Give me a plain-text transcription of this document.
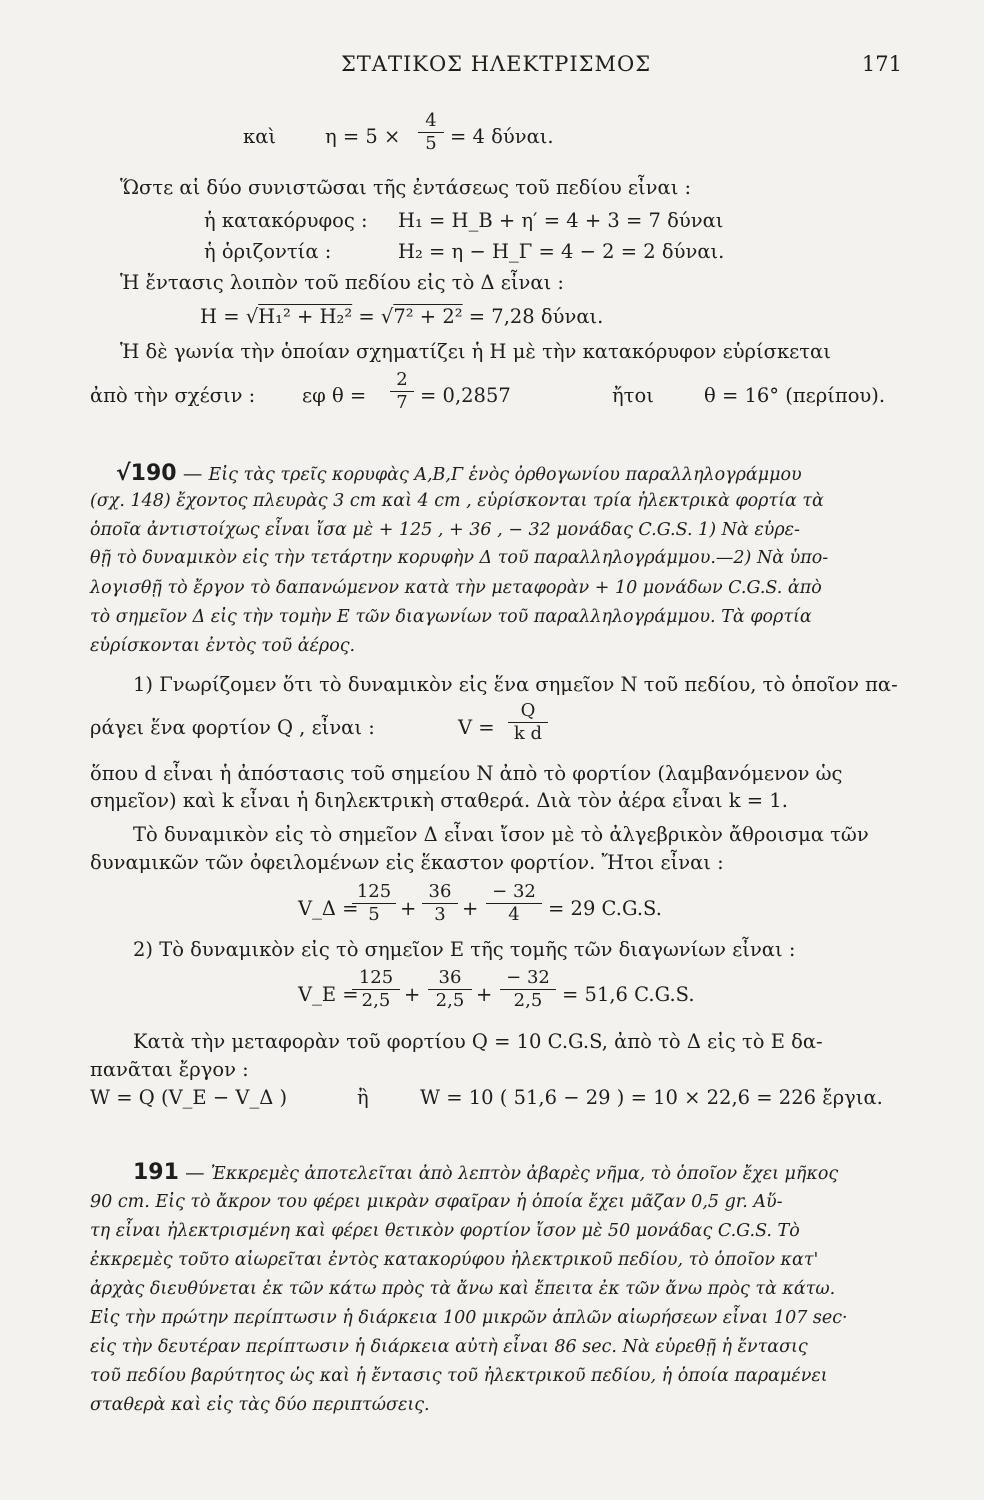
ΣΤΑΤΙΚΟΣ ΗΛΕΚΤΡΙΣΜΟΣ	171
καὶ	$\eta = 5 \times \frac{4}{5} = 4$ δύναι.
Ὥστε αἱ δύο συνιστῶσαι τῆς ἐντάσεως τοῦ πεδίου εἶναι :
ἡ κατακόρυφος : H₁ = H_B + η′ = 4 + 3 = 7 δύναι
ἡ ὁριζοντία :	H₂ = η − H_Γ = 4 − 2 = 2 δύναι.
Ἡ ἔντασις λοιπὸν τοῦ πεδίου εἰς τὸ Δ εἶναι :
H = √H₁² + H₂² = √7² + 2² = 7,28 δύναι.
Ἡ δὲ γωνία τὴν ὁποίαν σχηματίζει ἡ H μὲ τὴν κατακόρυφον εὑρίσκεται
ἀπὸ τὴν σχέσιν : εφ $\theta = \frac{2}{7} = 0,2857$	ἤτοι	θ = 16° (περίπου).
√190 — Εἰς τὰς τρεῖς κορυφὰς Α,Β,Γ ἑνὸς ὀρθογωνίου παραλληλογράμμου
(σχ. 148) ἔχοντος πλευρὰς 3 cm καὶ 4 cm , εὑρίσκονται τρία ἠλεκτρικὰ φορτία τὰ
ὁποῖα ἀντιστοίχως εἶναι ἴσα μὲ + 125 , + 36 , − 32 μονάδας C.G.S. 1) Νὰ εὑρε-
θῇ τὸ δυναμικὸν εἰς τὴν τετάρτην κορυφὴν Δ τοῦ παραλληλογράμμου.—2) Νὰ ὑπο-
λογισθῇ τὸ ἔργον τὸ δαπανώμενον κατὰ τὴν μεταφορὰν + 10 μονάδων C.G.S. ἀπὸ
τὸ σημεῖον Δ εἰς τὴν τομὴν Ε τῶν διαγωνίων τοῦ παραλληλογράμμου. Τὰ φορτία
εὑρίσκονται ἐντὸς τοῦ ἀέρος.
1) Γνωρίζομεν ὅτι τὸ δυναμικὸν εἰς ἕνα σημεῖον N τοῦ πεδίου, τὸ ὁποῖον πα-
ράγει ἕνα φορτίον Q , εἶναι :	$V = \frac{Q}{\text{k d}}$
ὅπου d εἶναι ἡ ἀπόστασις τοῦ σημείου N ἀπὸ τὸ φορτίον (λαμβανόμενον ὡς
σημεῖον) καὶ k εἶναι ἡ διηλεκτρικὴ σταθερά. Διὰ τὸν ἀέρα εἶναι k = 1.
Τὸ δυναμικὸν εἰς τὸ σημεῖον Δ εἶναι ἴσον μὲ τὸ ἀλγεβρικὸν ἄθροισμα τῶν
δυναμικῶν τῶν ὀφειλομένων εἰς ἕκαστον φορτίον. Ἤτοι εἶναι :
V_Δ =
$\frac{125}{5} + \frac{36}{3} + \frac{- 32}{4} = 29$ C.G.S.
2) Τὸ δυναμικὸν εἰς τὸ σημεῖον Ε τῆς τομῆς τῶν διαγωνίων εἶναι :
V_E =
$\frac{125}{2,5} + \frac{36}{2,5} + \frac{- 32}{2,5} = 51,6$ C.G.S.
Κατὰ τὴν μεταφορὰν τοῦ φορτίου Q = 10 C.G.S, ἀπὸ τὸ Δ εἰς τὸ Ε δα-
πανᾶται ἔργον :
W = Q (V_E − V_Δ )	ἢ	W = 10 ( 51,6 − 29 ) = 10 × 22,6 = 226 ἔργια.
191 — Ἐκκρεμὲς ἀποτελεῖται ἀπὸ λεπτὸν ἀβαρὲς νῆμα, τὸ ὁποῖον ἔχει μῆκος
90 cm. Εἰς τὸ ἄκρον του φέρει μικρὰν σφαῖραν ἡ ὁποία ἔχει μᾶζαν 0,5 gr. Αὕ-
τη εἶναι ἠλεκτρισμένη καὶ φέρει θετικὸν φορτίον ἴσον μὲ 50 μονάδας C.G.S. Τὸ
ἐκκρεμὲς τοῦτο αἰωρεῖται ἐντὸς κατακορύφου ἠλεκτρικοῦ πεδίου, τὸ ὁποῖον κατ'
ἀρχὰς διευθύνεται ἐκ τῶν κάτω πρὸς τὰ ἄνω καὶ ἔπειτα ἐκ τῶν ἄνω πρὸς τὰ κάτω.
Εἰς τὴν πρώτην περίπτωσιν ἡ διάρκεια 100 μικρῶν ἁπλῶν αἰωρήσεων εἶναι 107 sec·
εἰς τὴν δευτέραν περίπτωσιν ἡ διάρκεια αὐτὴ εἶναι 86 sec. Νὰ εὑρεθῇ ἡ ἔντασις
τοῦ πεδίου βαρύτητος ὡς καὶ ἡ ἔντασις τοῦ ἠλεκτρικοῦ πεδίου, ἡ ὁποία παραμένει
σταθερὰ καὶ εἰς τὰς δύο περιπτώσεις.
